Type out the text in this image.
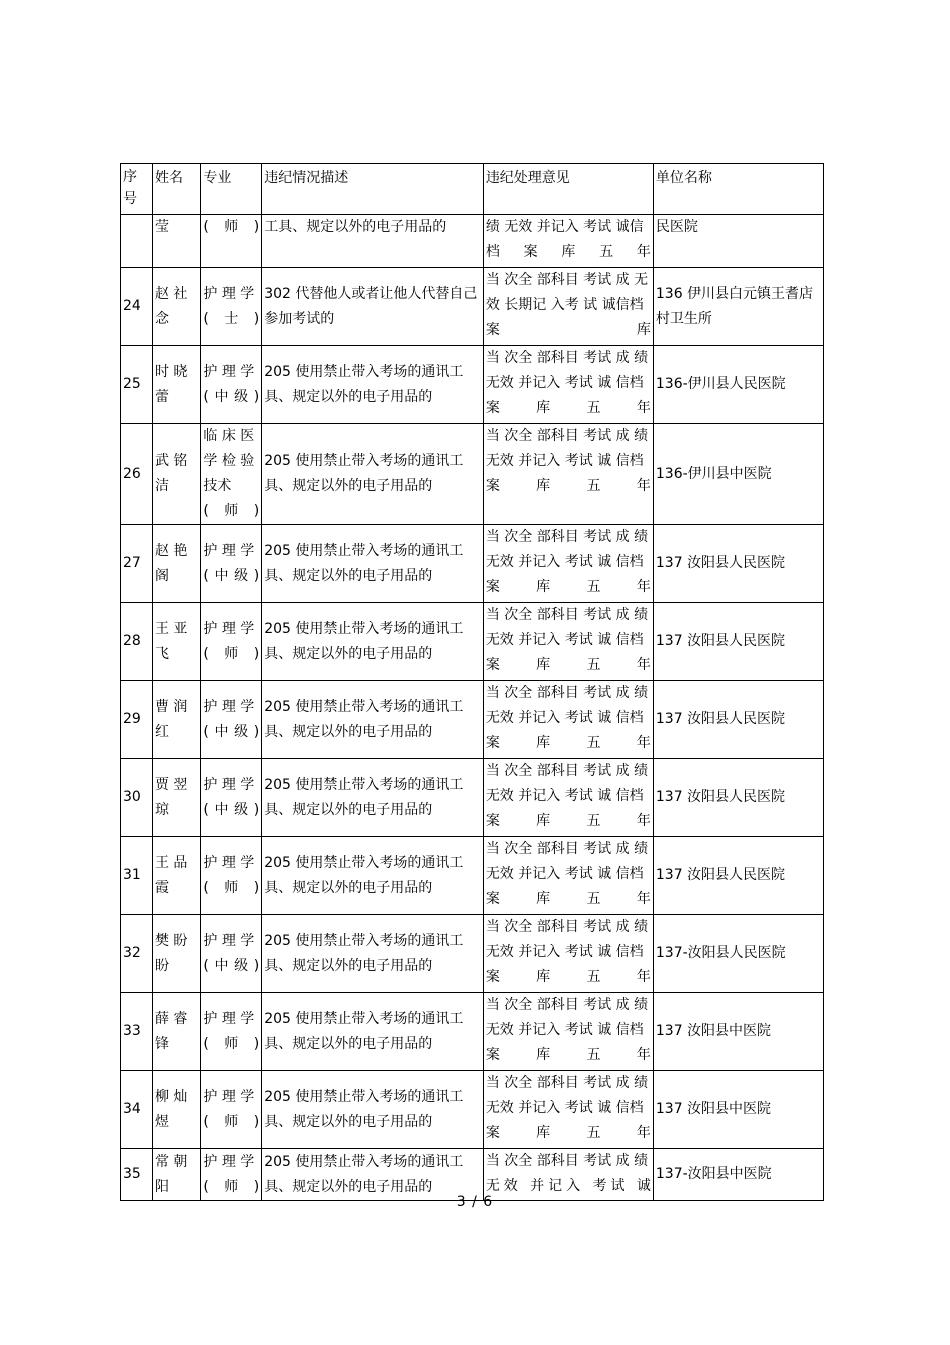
序号	姓名	专业	违纪情况描述	违纪处理意见	单位名称
	莹	(师)	工具、规定以外的电子用品的	绩 无效 并记入 考试 诚信档案库五年	民医院
24	赵 社 念	护 理 学 (士)	302 代替他人或者让他人代替自己参加考试的	当 次全 部科目 考试 成 无效 长期记 入考 试 诚信档案库	136 伊川县白元镇王耆店村卫生所
25	时 晓 蕾	护 理 学 (中级)	205 使用禁止带入考场的通讯工具、规定以外的电子用品的	当 次全 部科目 考试 成 绩 无效 并记入 考试 诚 信档案库五年	136-伊川县人民医院
26	武 铭 洁	临 床 医 学 检 验 技术 (师)	205 使用禁止带入考场的通讯工具、规定以外的电子用品的	当 次全 部科目 考试 成 绩 无效 并记入 考试 诚 信档案库五年	136-伊川县中医院
27	赵 艳 阁	护 理 学 (中级)	205 使用禁止带入考场的通讯工具、规定以外的电子用品的	当 次全 部科目 考试 成 绩 无效 并记入 考试 诚 信档案库五年	137 汝阳县人民医院
28	王 亚 飞	护 理 学 (师)	205 使用禁止带入考场的通讯工具、规定以外的电子用品的	当 次全 部科目 考试 成 绩 无效 并记入 考试 诚 信档案库五年	137 汝阳县人民医院
29	曹 润 红	护 理 学 (中级)	205 使用禁止带入考场的通讯工具、规定以外的电子用品的	当 次全 部科目 考试 成 绩 无效 并记入 考试 诚 信档案库五年	137 汝阳县人民医院
30	贾 翌 琼	护 理 学 (中级)	205 使用禁止带入考场的通讯工具、规定以外的电子用品的	当 次全 部科目 考试 成 绩 无效 并记入 考试 诚 信档案库五年	137 汝阳县人民医院
31	王 品 霞	护 理 学 (师)	205 使用禁止带入考场的通讯工具、规定以外的电子用品的	当 次全 部科目 考试 成 绩 无效 并记入 考试 诚 信档案库五年	137 汝阳县人民医院
32	樊 盼 盼	护 理 学 (中级)	205 使用禁止带入考场的通讯工具、规定以外的电子用品的	当 次全 部科目 考试 成 绩 无效 并记入 考试 诚 信档案库五年	137-汝阳县人民医院
33	薛 睿 锋	护 理 学 (师)	205 使用禁止带入考场的通讯工具、规定以外的电子用品的	当 次全 部科目 考试 成 绩 无效 并记入 考试 诚 信档案库五年	137 汝阳县中医院
34	柳 灿 煜	护 理 学 (师)	205 使用禁止带入考场的通讯工具、规定以外的电子用品的	当 次全 部科目 考试 成 绩 无效 并记入 考试 诚 信档案库五年	137 汝阳县中医院
35	常 朝 阳	护 理 学 (师)	205 使用禁止带入考场的通讯工具、规定以外的电子用品的	当 次全 部科目 考试 成 绩 无效 并记入 考试 诚	137-汝阳县中医院
3 / 6
